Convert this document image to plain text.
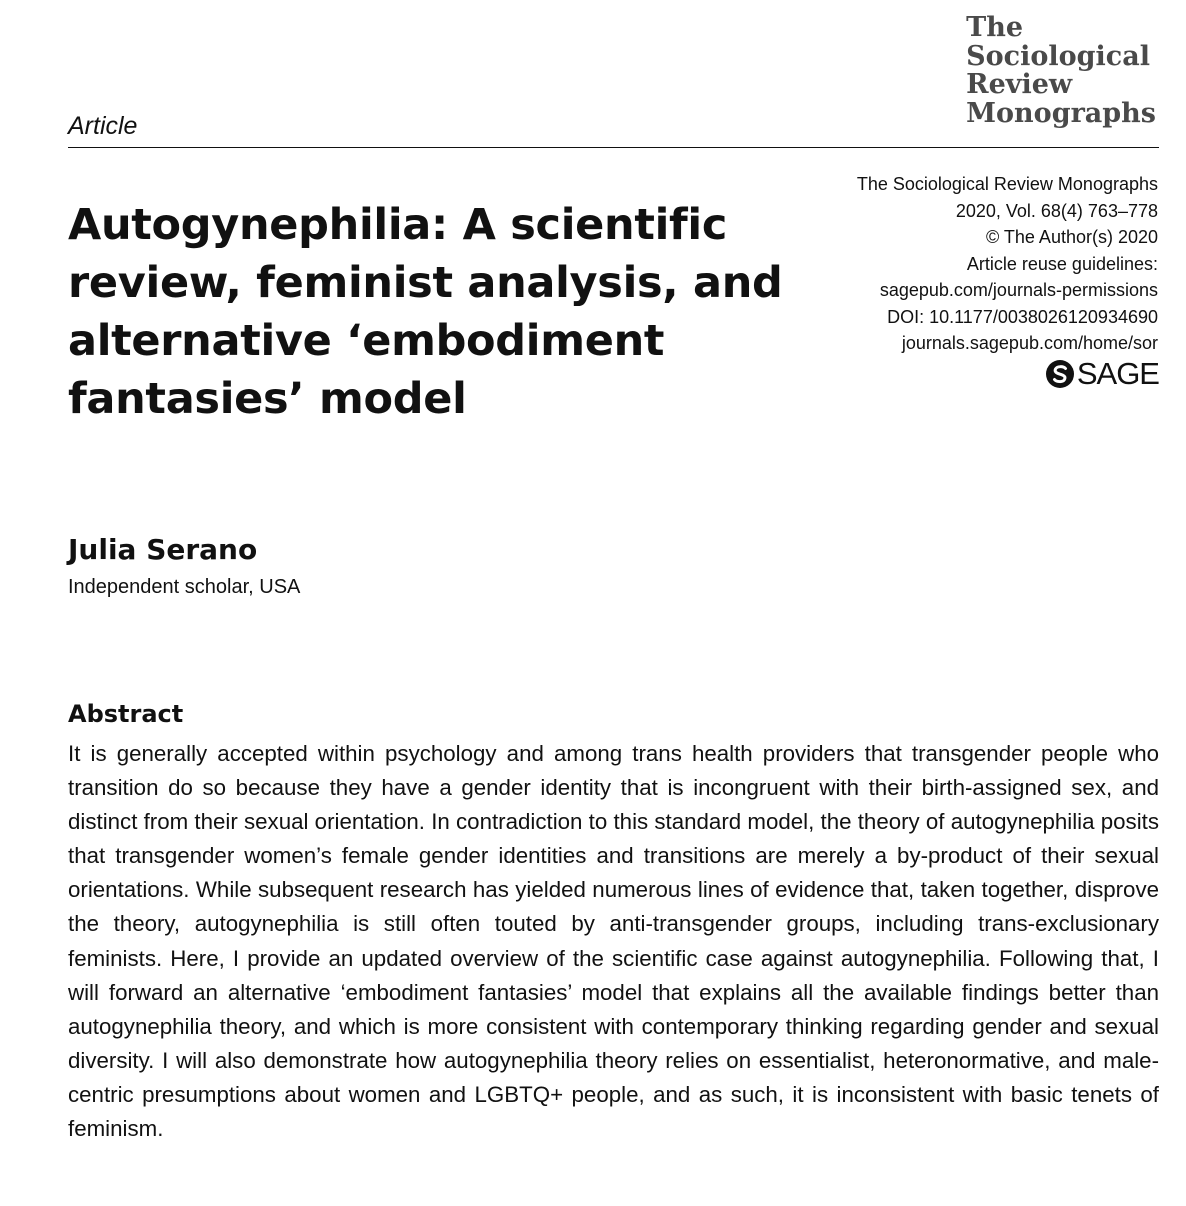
The
Sociological
Review
Monographs
Article
The Sociological Review Monographs
2020, Vol. 68(4) 763–778
© The Author(s) 2020
Article reuse guidelines:
sagepub.com/journals-permissions
DOI: 10.1177/0038026120934690
journals.sagepub.com/home/sor
SAGE
Autogynephilia: A scientific review, feminist analysis, and alternative ‘embodiment fantasies’ model
Julia Serano
Independent scholar, USA
Abstract

It is generally accepted within psychology and among trans health providers that transgender people who transition do so because they have a gender identity that is incongruent with their birth-assigned sex, and distinct from their sexual orientation. In contradiction to this standard model, the theory of autogynephilia posits that transgender women’s female gender identities and transitions are merely a by-product of their sexual orientations. While subsequent research has yielded numerous lines of evidence that, taken together, disprove the theory, autogynephilia is still often touted by anti-transgender groups, including trans-exclusionary feminists. Here, I provide an updated overview of the scientific case against autogynephilia. Following that, I will forward an alternative ‘embodiment fantasies’ model that explains all the available findings better than autogynephilia theory, and which is more consistent with contemporary thinking regarding gender and sexual diversity. I will also demonstrate how autogynephilia theory relies on essentialist, heteronormative, and male-centric presumptions about women and LGBTQ+ people, and as such, it is inconsistent with basic tenets of feminism.
